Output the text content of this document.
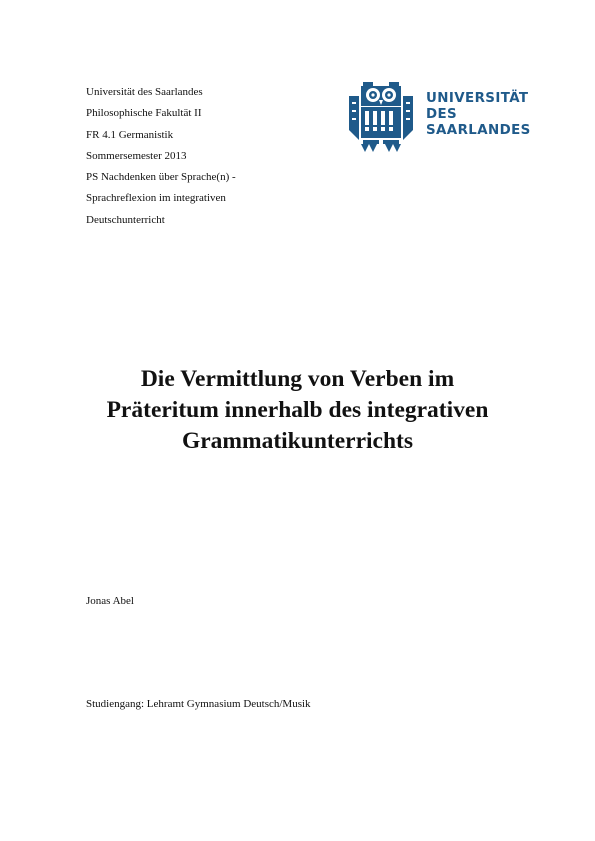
Universität des Saarlandes
Philosophische Fakultät II
FR 4.1 Germanistik
Sommersemester 2013
PS Nachdenken über Sprache(n) -
Sprachreflexion im integrativen
Deutschunterricht
UNIVERSITÄT
DES
SAARLANDES
Die Vermittlung von Verben im
Präteritum innerhalb des integrativen
Grammatikunterrichts
Jonas Abel
Studiengang: Lehramt Gymnasium Deutsch/Musik
